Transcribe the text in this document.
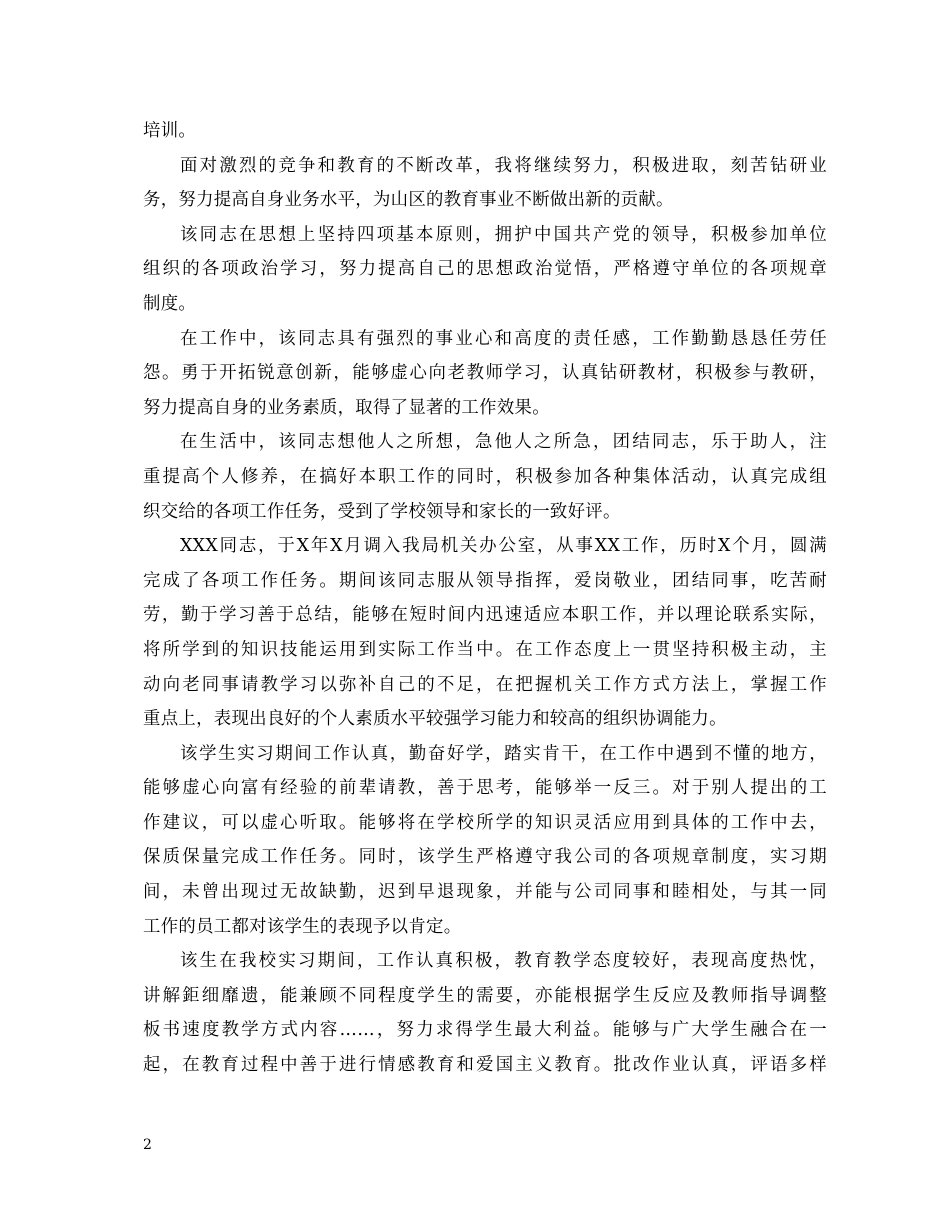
培训。
面对激烈的竞争和教育的不断改革，我将继续努力，积极进取，刻苦钻研业
务，努力提高自身业务水平，为山区的教育事业不断做出新的贡献。
该同志在思想上坚持四项基本原则，拥护中国共产党的领导，积极参加单位
组织的各项政治学习，努力提高自己的思想政治觉悟，严格遵守单位的各项规章
制度。
在工作中，该同志具有强烈的事业心和高度的责任感，工作勤勤恳恳任劳任
怨。勇于开拓锐意创新，能够虚心向老教师学习，认真钻研教材，积极参与教研，
努力提高自身的业务素质，取得了显著的工作效果。
在生活中，该同志想他人之所想，急他人之所急，团结同志，乐于助人，注
重提高个人修养，在搞好本职工作的同时，积极参加各种集体活动，认真完成组
织交给的各项工作任务，受到了学校领导和家长的一致好评。
XXX同志，于X年X月调入我局机关办公室，从事XX工作，历时X个月，圆满
完成了各项工作任务。期间该同志服从领导指挥，爱岗敬业，团结同事，吃苦耐
劳，勤于学习善于总结，能够在短时间内迅速适应本职工作，并以理论联系实际，
将所学到的知识技能运用到实际工作当中。在工作态度上一贯坚持积极主动，主
动向老同事请教学习以弥补自己的不足，在把握机关工作方式方法上，掌握工作
重点上，表现出良好的个人素质水平较强学习能力和较高的组织协调能力。
该学生实习期间工作认真，勤奋好学，踏实肯干，在工作中遇到不懂的地方，
能够虚心向富有经验的前辈请教，善于思考，能够举一反三。对于别人提出的工
作建议，可以虚心听取。能够将在学校所学的知识灵活应用到具体的工作中去，
保质保量完成工作任务。同时，该学生严格遵守我公司的各项规章制度，实习期
间，未曾出现过无故缺勤，迟到早退现象，并能与公司同事和睦相处，与其一同
工作的员工都对该学生的表现予以肯定。
该生在我校实习期间，工作认真积极，教育教学态度较好，表现高度热忱，
讲解鉅细靡遗，能兼顾不同程度学生的需要，亦能根据学生反应及教师指导调整
板书速度教学方式内容……，努力求得学生最大利益。能够与广大学生融合在一
起，在教育过程中善于进行情感教育和爱国主义教育。批改作业认真，评语多样
2
